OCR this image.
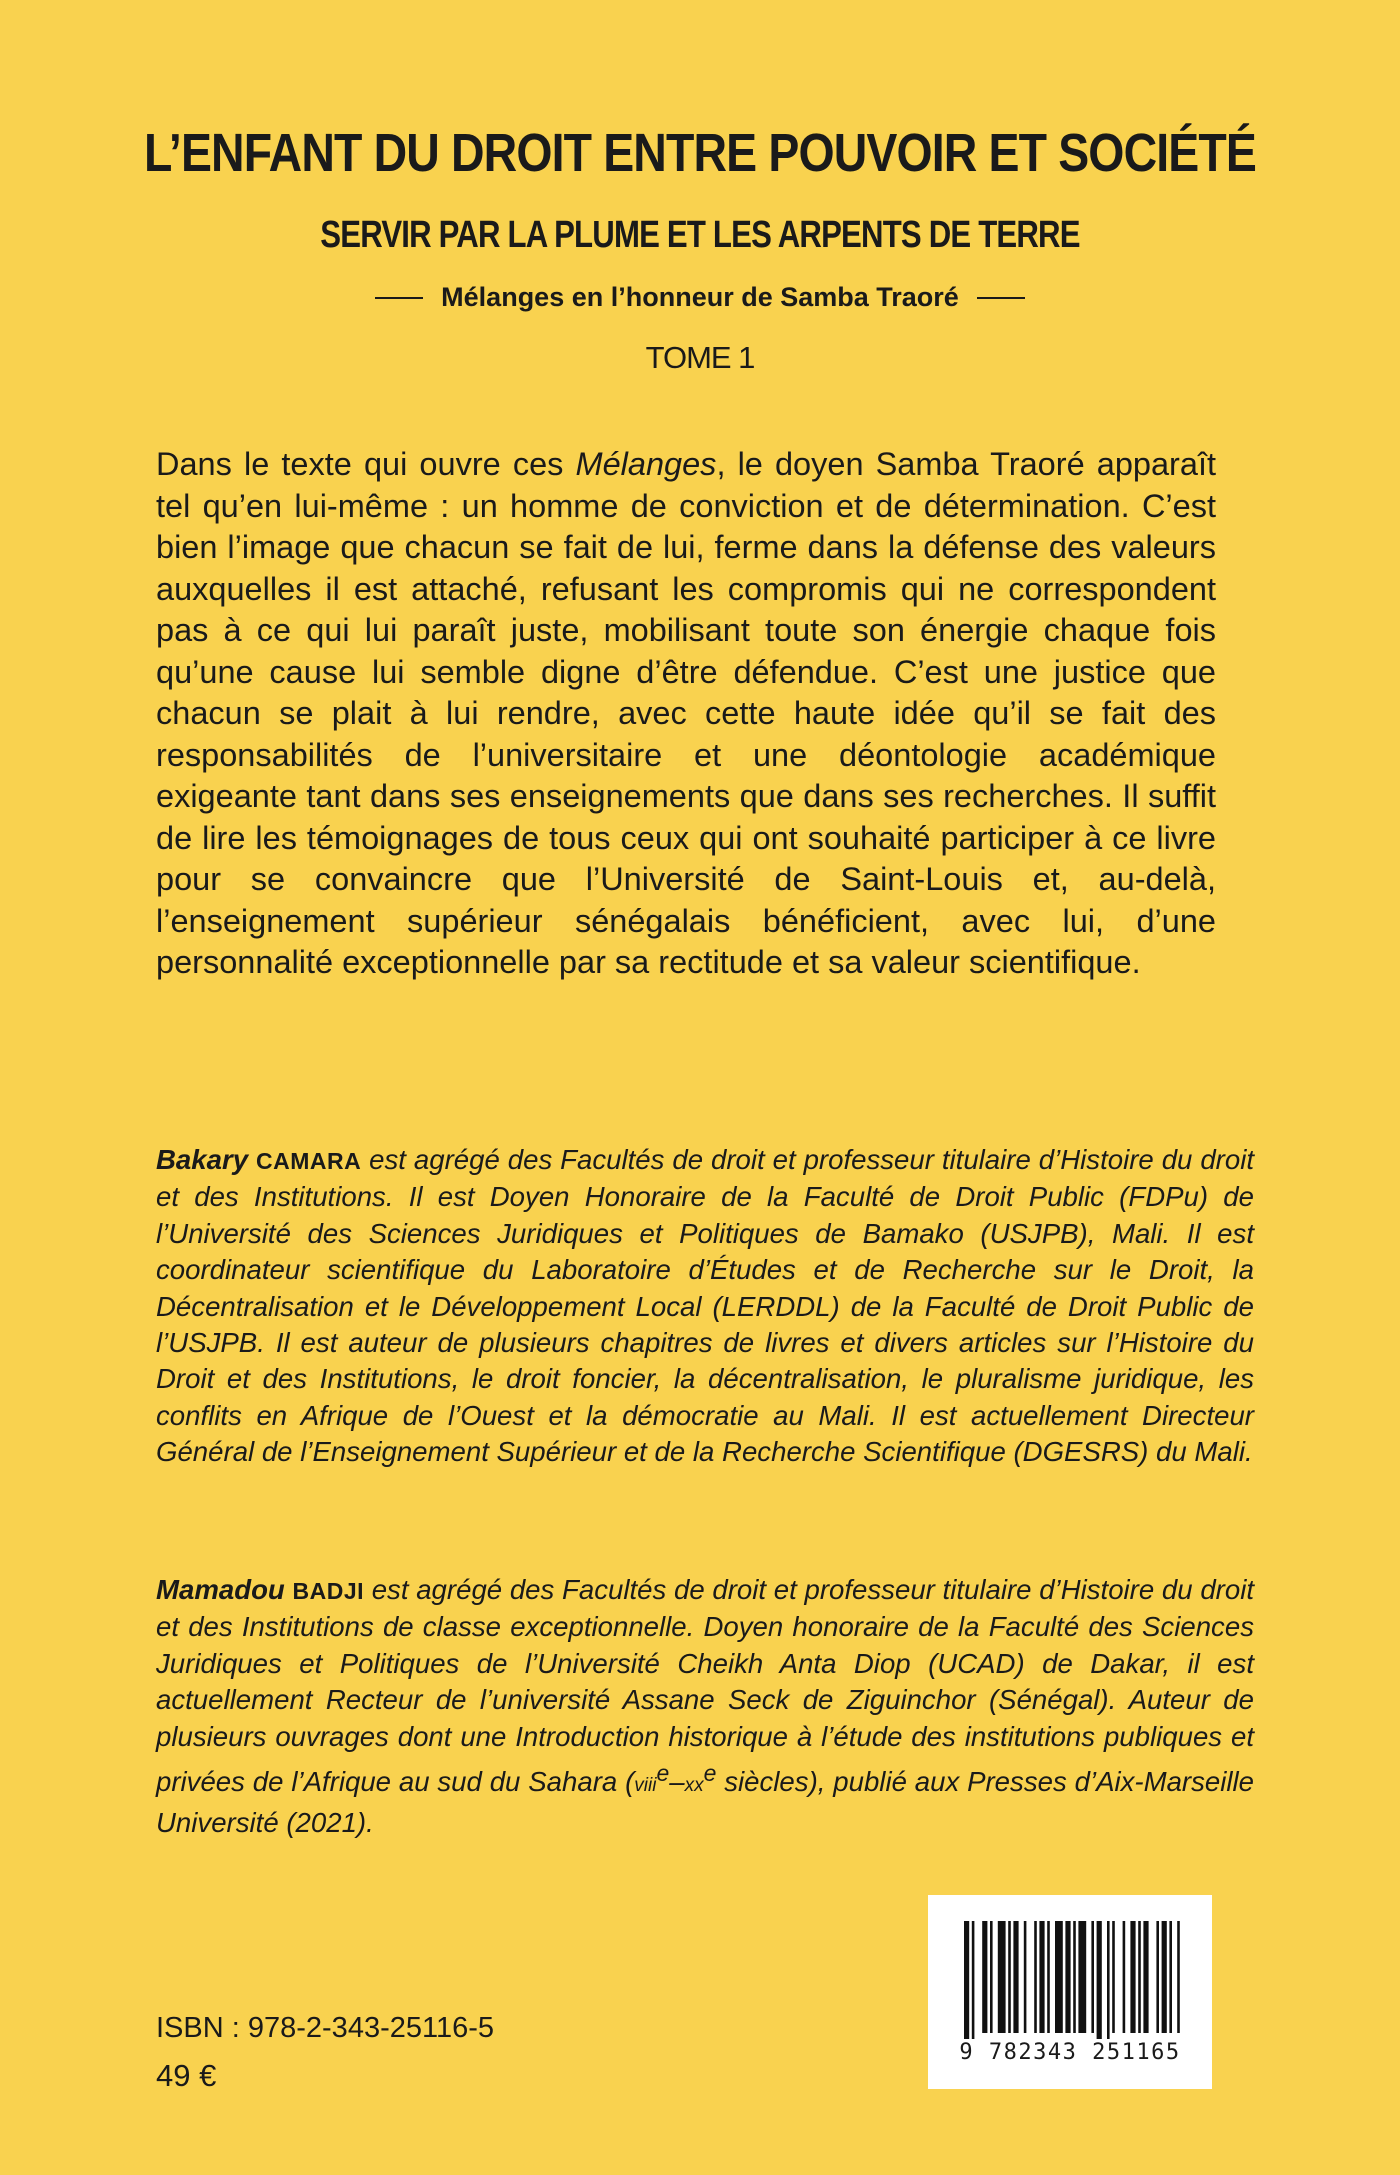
L’ENFANT DU DROIT ENTRE POUVOIR ET SOCIÉTÉ
SERVIR PAR LA PLUME ET LES ARPENTS DE TERRE
Mélanges en l’honneur de Samba Traoré
TOME 1

Dans le texte qui ouvre ces Mélanges, le doyen Samba Traoré apparaît tel qu’en lui-même : un homme de conviction et de détermination. C’est bien l’image que chacun se fait de lui, ferme dans la défense des valeurs auxquelles il est attaché, refusant les compromis qui ne correspondent pas à ce qui lui paraît juste, mobilisant toute son énergie chaque fois qu’une cause lui semble digne d’être défendue. C’est une justice que chacun se plait à lui rendre, avec cette haute idée qu’il se fait des responsabilités de l’universitaire et une déontologie académique exigeante tant dans ses enseignements que dans ses recherches. Il suffit de lire les témoignages de tous ceux qui ont souhaité participer à ce livre pour se convaincre que l’Université de Saint-Louis et, au-delà, l’enseignement supérieur sénégalais bénéficient, avec lui, d’une personnalité exceptionnelle par sa rectitude et sa valeur scientifique.

Bakary CAMARA est agrégé des Facultés de droit et professeur titulaire d’Histoire du droit et des Institutions. Il est Doyen Honoraire de la Faculté de Droit Public (FDPu) de l’Université des Sciences Juridiques et Politiques de Bamako (USJPB), Mali. Il est coordinateur scientifique du Laboratoire d’Études et de Recherche sur le Droit, la Décentralisation et le Développement Local (LERDDL) de la Faculté de Droit Public de l’USJPB. Il est auteur de plusieurs chapitres de livres et divers articles sur l’Histoire du Droit et des Institutions, le droit foncier, la décentralisation, le pluralisme juridique, les conflits en Afrique de l’Ouest et la démocratie au Mali. Il est actuellement Directeur Général de l’Enseignement Supérieur et de la Recherche Scientifique (DGESRS) du Mali.

Mamadou BADJI est agrégé des Facultés de droit et professeur titulaire d’Histoire du droit et des Institutions de classe exceptionnelle. Doyen honoraire de la Faculté des Sciences Juridiques et Politiques de l’Université Cheikh Anta Diop (UCAD) de Dakar, il est actuellement Recteur de l’université Assane Seck de Ziguinchor (Sénégal). Auteur de plusieurs ouvrages dont une Introduction historique à l’étude des institutions publiques et privées de l’Afrique au sud du Sahara ($viii^e-xx^e$ siècles), publié aux Presses d’Aix-Marseille Université (2021).

ISBN : 978-2-343-25116-5
49 €
9 782343 251165
